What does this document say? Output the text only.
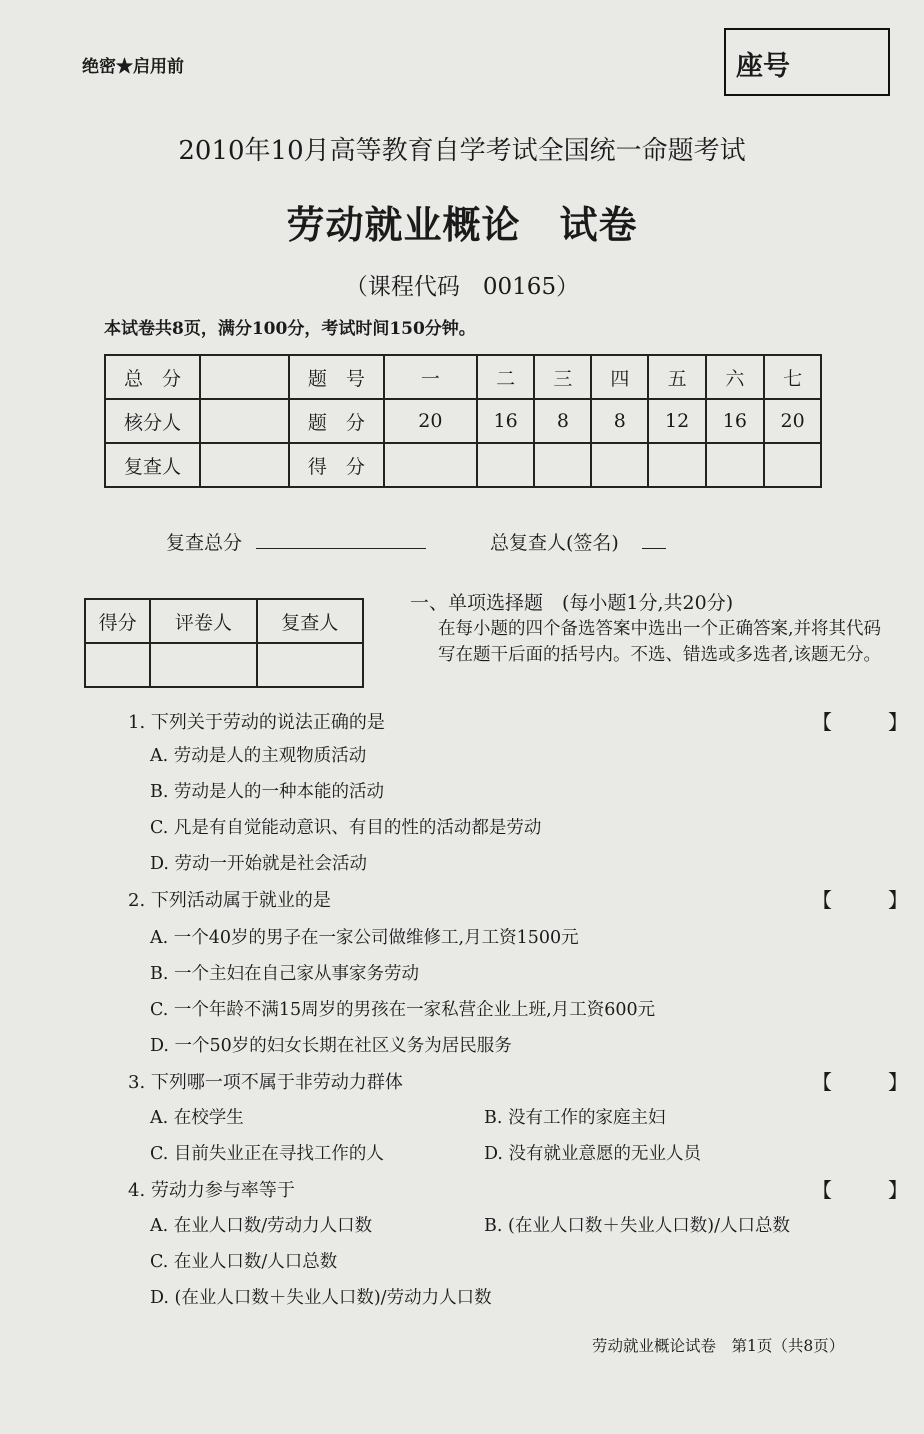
绝密★启用前	座号
2010年10月高等教育自学考试全国统一命题考试
劳动就业概论　试卷
（课程代码　00165）
本试卷共8页，满分100分，考试时间150分钟。
总　分		题　号	一	二	三	四	五	六	七
核分人		题　分	20	16	8	8	12	16	20
复查人		得　分							
复查总分	总复查人(签名)
得分	评卷人	复查人

一、单项选择题　(每小题1分,共20分)
在每小题的四个备选答案中选出一个正确答案,并将其代码写在题干后面的括号内。不选、错选或多选者,该题无分。
1. 下列关于劳动的说法正确的是	【	】
A. 劳动是人的主观物质活动
B. 劳动是人的一种本能的活动
C. 凡是有自觉能动意识、有目的性的活动都是劳动
D. 劳动一开始就是社会活动
2. 下列活动属于就业的是	【	】
A. 一个40岁的男子在一家公司做维修工,月工资1500元
B. 一个主妇在自己家从事家务劳动
C. 一个年龄不满15周岁的男孩在一家私营企业上班,月工资600元
D. 一个50岁的妇女长期在社区义务为居民服务
3. 下列哪一项不属于非劳动力群体	【	】
A. 在校学生	B. 没有工作的家庭主妇
C. 目前失业正在寻找工作的人	D. 没有就业意愿的无业人员
4. 劳动力参与率等于	【	】
A. 在业人口数/劳动力人口数	B. (在业人口数＋失业人口数)/人口总数
C. 在业人口数/人口总数
D. (在业人口数＋失业人口数)/劳动力人口数
劳动就业概论试卷　第1页（共8页）
